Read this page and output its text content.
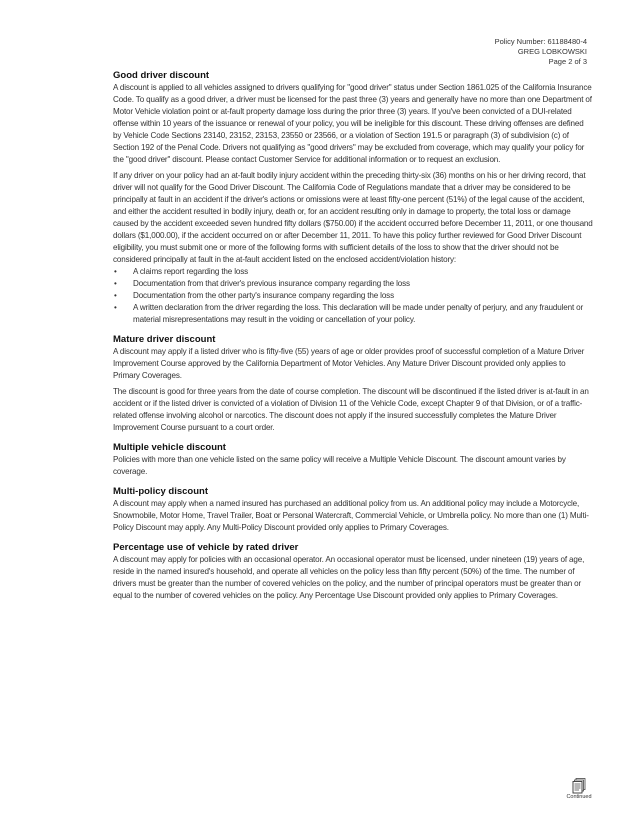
Policy Number: 61188480-4
GREG LOBKOWSKI
Page 2 of 3
Good driver discount

A discount is applied to all vehicles assigned to drivers qualifying for "good driver" status under Section 1861.025 of the California Insurance Code. To qualify as a good driver, a driver must be licensed for the past three (3) years and generally have no more than one Department of Motor Vehicle violation point or at-fault property damage loss during the prior three (3) years. If you've been convicted of a DUI-related offense within 10 years of the issuance or renewal of your policy, you will be ineligible for this discount. These driving offenses are defined by Vehicle Code Sections 23140, 23152, 23153, 23550 or 23566, or a violation of Section 191.5 or paragraph (3) of subdivision (c) of Section 192 of the Penal Code. Drivers not qualifying as "good drivers" may be excluded from coverage, which may qualify your policy for the "good driver" discount. Please contact Customer Service for additional information or to request an exclusion.

If any driver on your policy had an at-fault bodily injury accident within the preceding thirty-six (36) months on his or her driving record, that driver will not qualify for the Good Driver Discount. The California Code of Regulations mandate that a driver may be considered to be principally at fault in an accident if the driver's actions or omissions were at least fifty-one percent (51%) of the legal cause of the accident, and either the accident resulted in bodily injury, death or, for an accident resulting only in damage to property, the total loss or damage caused by the accident exceeded seven hundred fifty dollars ($750.00) if the accident occurred before December 11, 2011, or one thousand dollars ($1,000.00), if the accident occurred on or after December 11, 2011. To have this policy further reviewed for Good Driver Discount eligibility, you must submit one or more of the following forms with sufficient details of the loss to show that the driver should not be considered principally at fault in the at-fault accident listed on the enclosed accident/violation history:

• A claims report regarding the loss
• Documentation from that driver's previous insurance company regarding the loss
• Documentation from the other party's insurance company regarding the loss
• A written declaration from the driver regarding the loss. This declaration will be made under penalty of perjury, and any fraudulent or material misrepresentations may result in the voiding or cancellation of your policy.
Mature driver discount

A discount may apply if a listed driver who is fifty-five (55) years of age or older provides proof of successful completion of a Mature Driver Improvement Course approved by the California Department of Motor Vehicles. Any Mature Driver Discount provided only applies to Primary Coverages.

The discount is good for three years from the date of course completion. The discount will be discontinued if the listed driver is at-fault in an accident or if the listed driver is convicted of a violation of Division 11 of the Vehicle Code, except Chapter 9 of that Division, or of a traffic-related offense involving alcohol or narcotics. The discount does not apply if the insured successfully completes the Mature Driver Improvement Course pursuant to a court order.

Multiple vehicle discount

Policies with more than one vehicle listed on the same policy will receive a Multiple Vehicle Discount. The discount amount varies by coverage.

Multi-policy discount

A discount may apply when a named insured has purchased an additional policy from us. An additional policy may include a Motorcycle, Snowmobile, Motor Home, Travel Trailer, Boat or Personal Watercraft, Commercial Vehicle, or Umbrella policy. No more than one (1) Multi-Policy Discount may apply. Any Multi-Policy Discount provided only applies to Primary Coverages.

Percentage use of vehicle by rated driver

A discount may apply for policies with an occasional operator. An occasional operator must be licensed, under nineteen (19) years of age, reside in the named insured's household, and operate all vehicles on the policy less than fifty percent (50%) of the time. The number of drivers must be greater than the number of covered vehicles on the policy, and the number of principal operators must be greater than or equal to the number of covered vehicles on the policy. Any Percentage Use Discount provided only applies to Primary Coverages.

Continued
